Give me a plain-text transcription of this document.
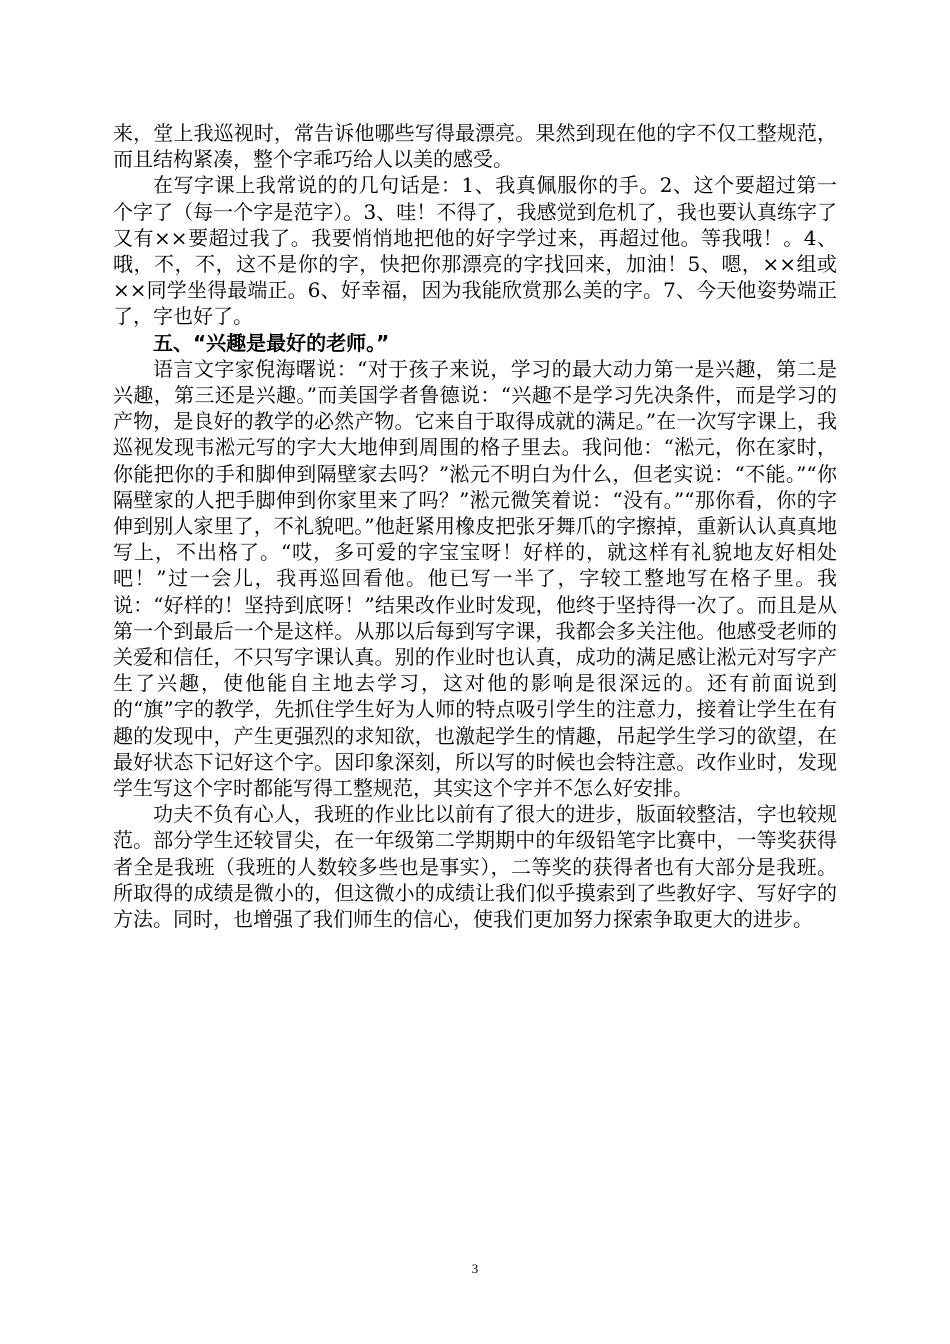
来，堂上我巡视时，常告诉他哪些写得最漂亮。果然到现在他的字不仅工整规范，而且结构紧凑，整个字乖巧给人以美的感受。

在写字课上我常说的的几句话是：1、我真佩服你的手。2、这个要超过第一个字了（每一个字是范字）。3、哇！不得了，我感觉到危机了，我也要认真练字了又有××要超过我了。我要悄悄地把他的好字学过来，再超过他。等我哦！。4、哦，不，不，这不是你的字，快把你那漂亮的字找回来，加油！5、嗯，××组或××同学坐得最端正。6、好幸福，因为我能欣赏那么美的字。7、今天他姿势端正了，字也好了。

五、“兴趣是最好的老师。”

语言文字家倪海曙说：“对于孩子来说，学习的最大动力第一是兴趣，第二是兴趣，第三还是兴趣。”而美国学者鲁德说：“兴趣不是学习先决条件，而是学习的产物，是良好的教学的必然产物。它来自于取得成就的满足。”在一次写字课上，我巡视发现韦淞元写的字大大地伸到周围的格子里去。我问他：“淞元，你在家时，你能把你的手和脚伸到隔壁家去吗？”淞元不明白为什么，但老实说：“不能。”“你隔壁家的人把手脚伸到你家里来了吗？”淞元微笑着说：“没有。”“那你看，你的字伸到别人家里了，不礼貌吧。”他赶紧用橡皮把张牙舞爪的字擦掉，重新认认真真地写上，不出格了。“哎，多可爱的字宝宝呀！好样的，就这样有礼貌地友好相处吧！”过一会儿，我再巡回看他。他已写一半了，字较工整地写在格子里。我说：“好样的！坚持到底呀！”结果改作业时发现，他终于坚持得一次了。而且是从第一个到最后一个是这样。从那以后每到写字课，我都会多关注他。他感受老师的关爱和信任，不只写字课认真。别的作业时也认真，成功的满足感让淞元对写字产生了兴趣，使他能自主地去学习，这对他的影响是很深远的。还有前面说到的“旗”字的教学，先抓住学生好为人师的特点吸引学生的注意力，接着让学生在有趣的发现中，产生更强烈的求知欲，也激起学生的情趣，吊起学生学习的欲望，在最好状态下记好这个字。因印象深刻，所以写的时候也会特注意。改作业时，发现学生写这个字时都能写得工整规范，其实这个字并不怎么好安排。

功夫不负有心人，我班的作业比以前有了很大的进步，版面较整洁，字也较规范。部分学生还较冒尖，在一年级第二学期期中的年级铅笔字比赛中，一等奖获得者全是我班（我班的人数较多些也是事实），二等奖的获得者也有大部分是我班。所取得的成绩是微小的，但这微小的成绩让我们似乎摸索到了些教好字、写好字的方法。同时，也增强了我们师生的信心，使我们更加努力探索争取更大的进步。

3
